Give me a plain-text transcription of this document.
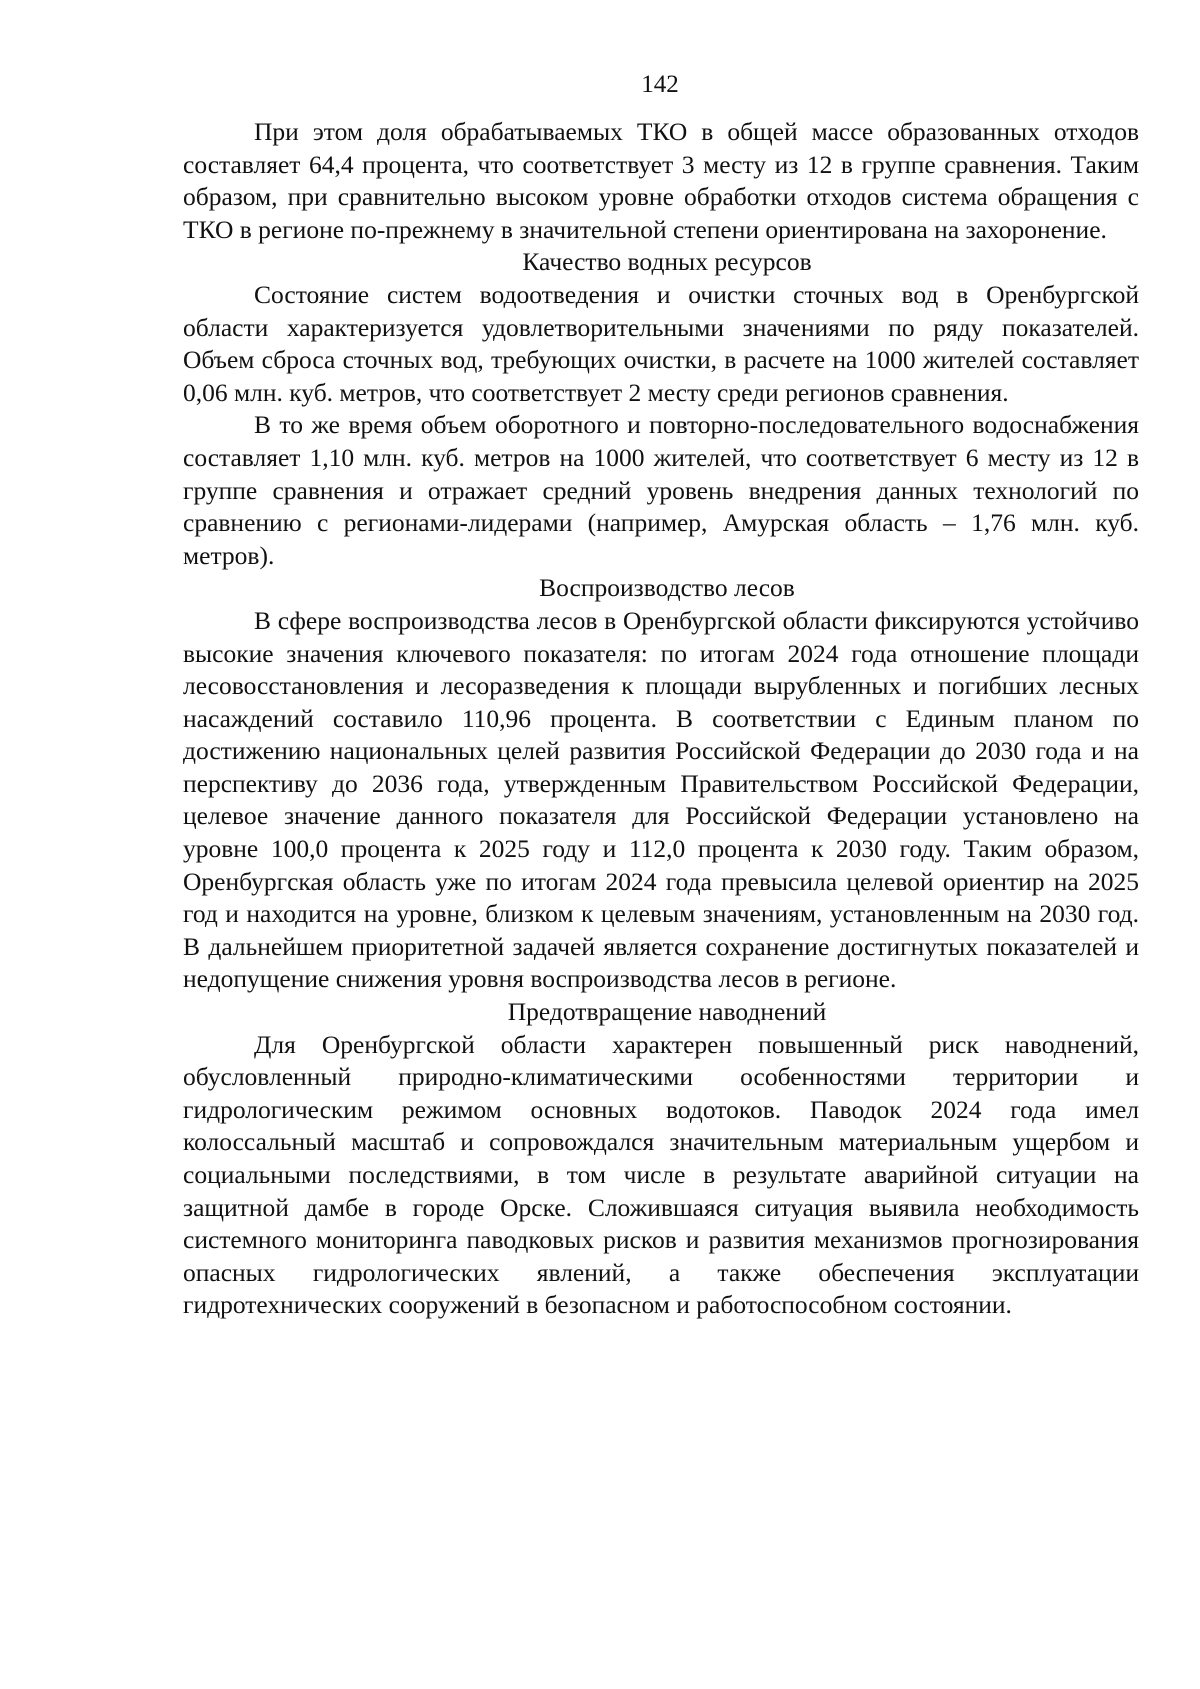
142

При этом доля обрабатываемых ТКО в общей массе образованных отходов составляет 64,4 процента, что соответствует 3 месту из 12 в группе сравнения. Таким образом, при сравнительно высоком уровне обработки отходов система обращения с ТКО в регионе по-прежнему в значительной степени ориентирована на захоронение.

Качество водных ресурсов

Состояние систем водоотведения и очистки сточных вод в Оренбургской области характеризуется удовлетворительными значениями по ряду показателей. Объем сброса сточных вод, требующих очистки, в расчете на 1000 жителей составляет 0,06 млн. куб. метров, что соответствует 2 месту среди регионов сравнения.

В то же время объем оборотного и повторно-последовательного водоснабжения составляет 1,10 млн. куб. метров на 1000 жителей, что соответствует 6 месту из 12 в группе сравнения и отражает средний уровень внедрения данных технологий по сравнению с регионами-лидерами (например, Амурская область – 1,76 млн. куб. метров).

Воспроизводство лесов

В сфере воспроизводства лесов в Оренбургской области фиксируются устойчиво высокие значения ключевого показателя: по итогам 2024 года отношение площади лесовосстановления и лесоразведения к площади вырубленных и погибших лесных насаждений составило 110,96 процента. В соответствии с Единым планом по достижению национальных целей развития Российской Федерации до 2030 года и на перспективу до 2036 года, утвержденным Правительством Российской Федерации, целевое значение данного показателя для Российской Федерации установлено на уровне 100,0 процента к 2025 году и 112,0 процента к 2030 году. Таким образом, Оренбургская область уже по итогам 2024 года превысила целевой ориентир на 2025 год и находится на уровне, близком к целевым значениям, установленным на 2030 год. В дальнейшем приоритетной задачей является сохранение достигнутых показателей и недопущение снижения уровня воспроизводства лесов в регионе.

Предотвращение наводнений

Для Оренбургской области характерен повышенный риск наводнений, обусловленный природно-климатическими особенностями территории и гидрологическим режимом основных водотоков. Паводок 2024 года имел колоссальный масштаб и сопровождался значительным материальным ущербом и социальными последствиями, в том числе в результате аварийной ситуации на защитной дамбе в городе Орске. Сложившаяся ситуация выявила необходимость системного мониторинга паводковых рисков и развития механизмов прогнозирования опасных гидрологических явлений, а также обеспечения эксплуатации гидротехнических сооружений в безопасном и работоспособном состоянии.
